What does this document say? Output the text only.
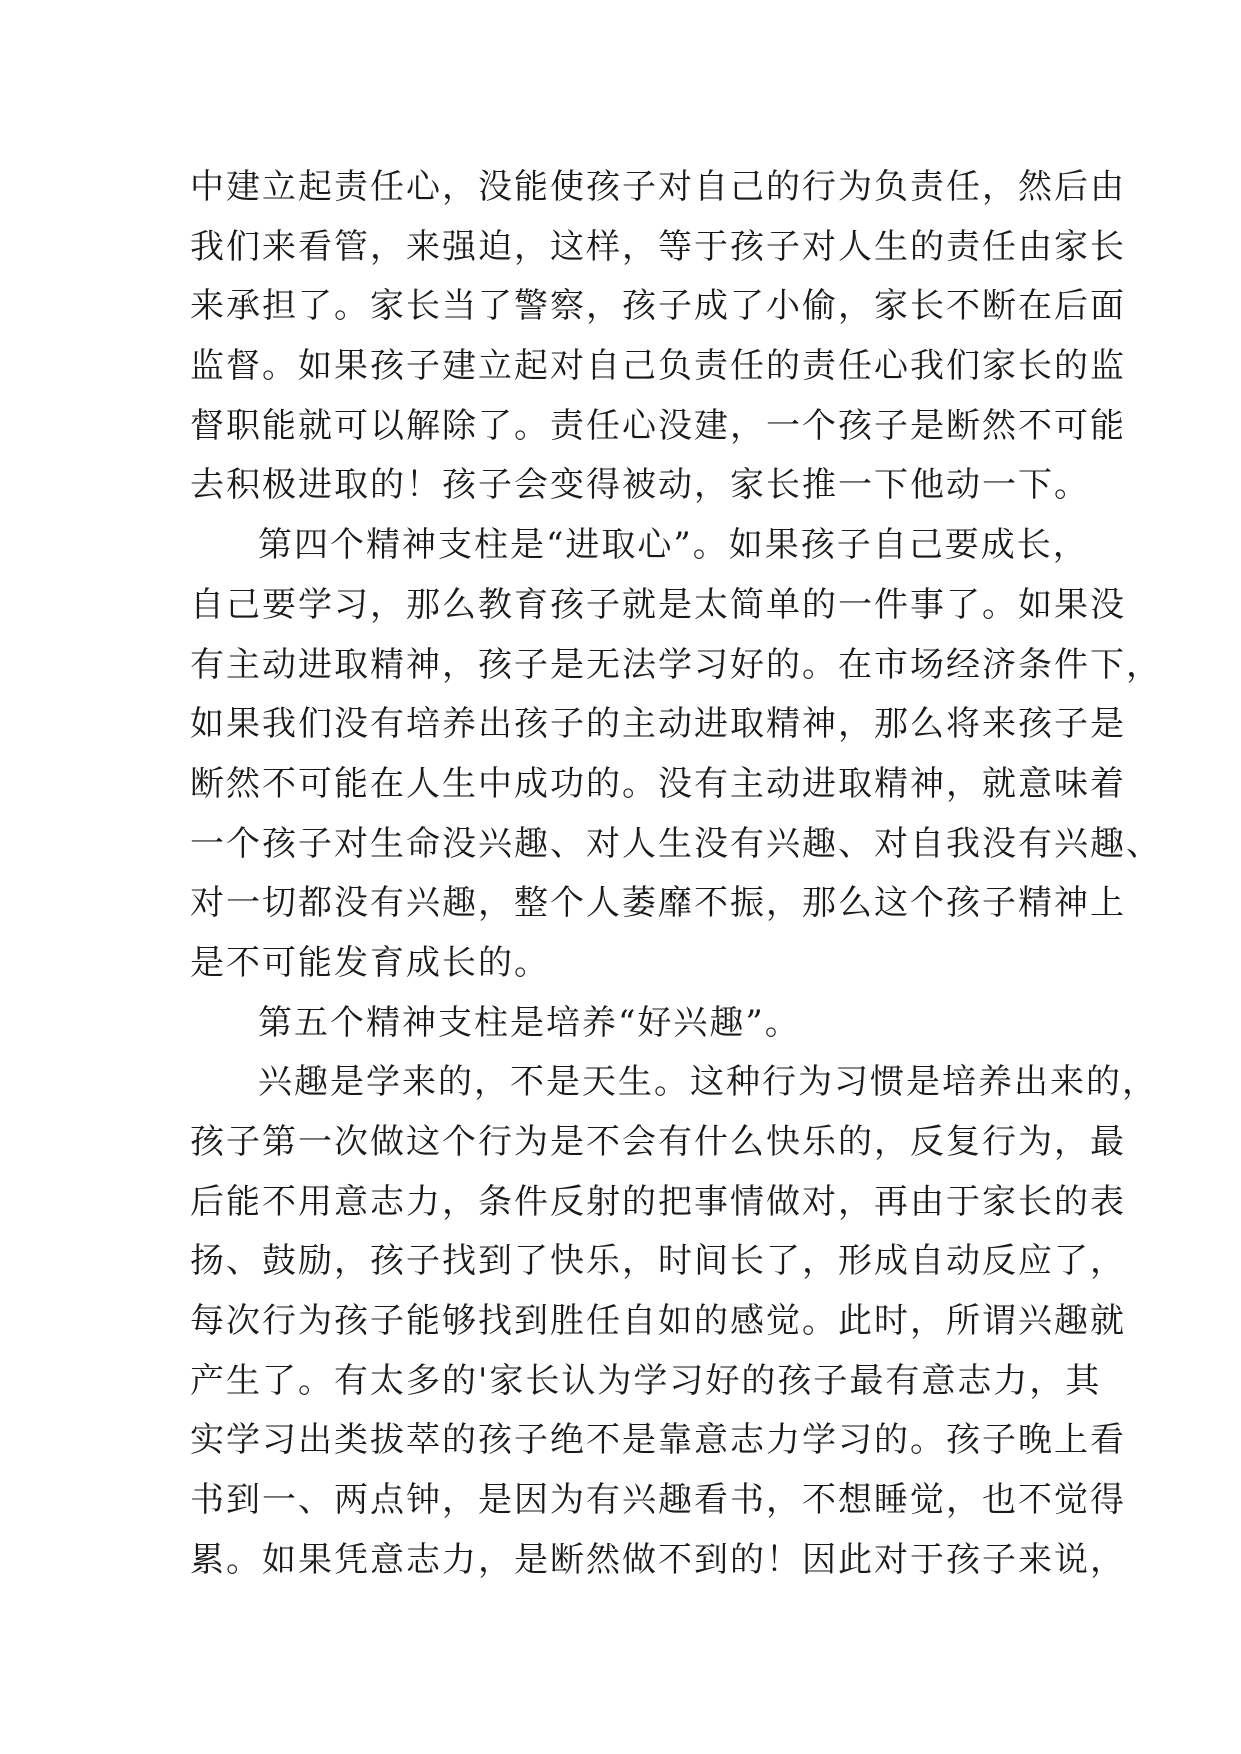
中建立起责任心，没能使孩子对自己的行为负责任，然后由
我们来看管，来强迫，这样，等于孩子对人生的责任由家长
来承担了。家长当了警察，孩子成了小偷，家长不断在后面
监督。如果孩子建立起对自己负责任的责任心我们家长的监
督职能就可以解除了。责任心没建，一个孩子是断然不可能
去积极进取的！孩子会变得被动，家长推一下他动一下。
第四个精神支柱是“进取心”。如果孩子自己要成长，
自己要学习，那么教育孩子就是太简单的一件事了。如果没
有主动进取精神，孩子是无法学习好的。在市场经济条件下，
如果我们没有培养出孩子的主动进取精神，那么将来孩子是
断然不可能在人生中成功的。没有主动进取精神，就意味着
一个孩子对生命没兴趣、对人生没有兴趣、对自我没有兴趣、
对一切都没有兴趣，整个人萎靡不振，那么这个孩子精神上
是不可能发育成长的。
第五个精神支柱是培养“好兴趣”。
兴趣是学来的，不是天生。这种行为习惯是培养出来的，
孩子第一次做这个行为是不会有什么快乐的，反复行为，最
后能不用意志力，条件反射的把事情做对，再由于家长的表
扬、鼓励，孩子找到了快乐，时间长了，形成自动反应了，
每次行为孩子能够找到胜任自如的感觉。此时，所谓兴趣就
产生了。有太多的'家长认为学习好的孩子最有意志力，其
实学习出类拔萃的孩子绝不是靠意志力学习的。孩子晚上看
书到一、两点钟，是因为有兴趣看书，不想睡觉，也不觉得
累。如果凭意志力，是断然做不到的！因此对于孩子来说，
